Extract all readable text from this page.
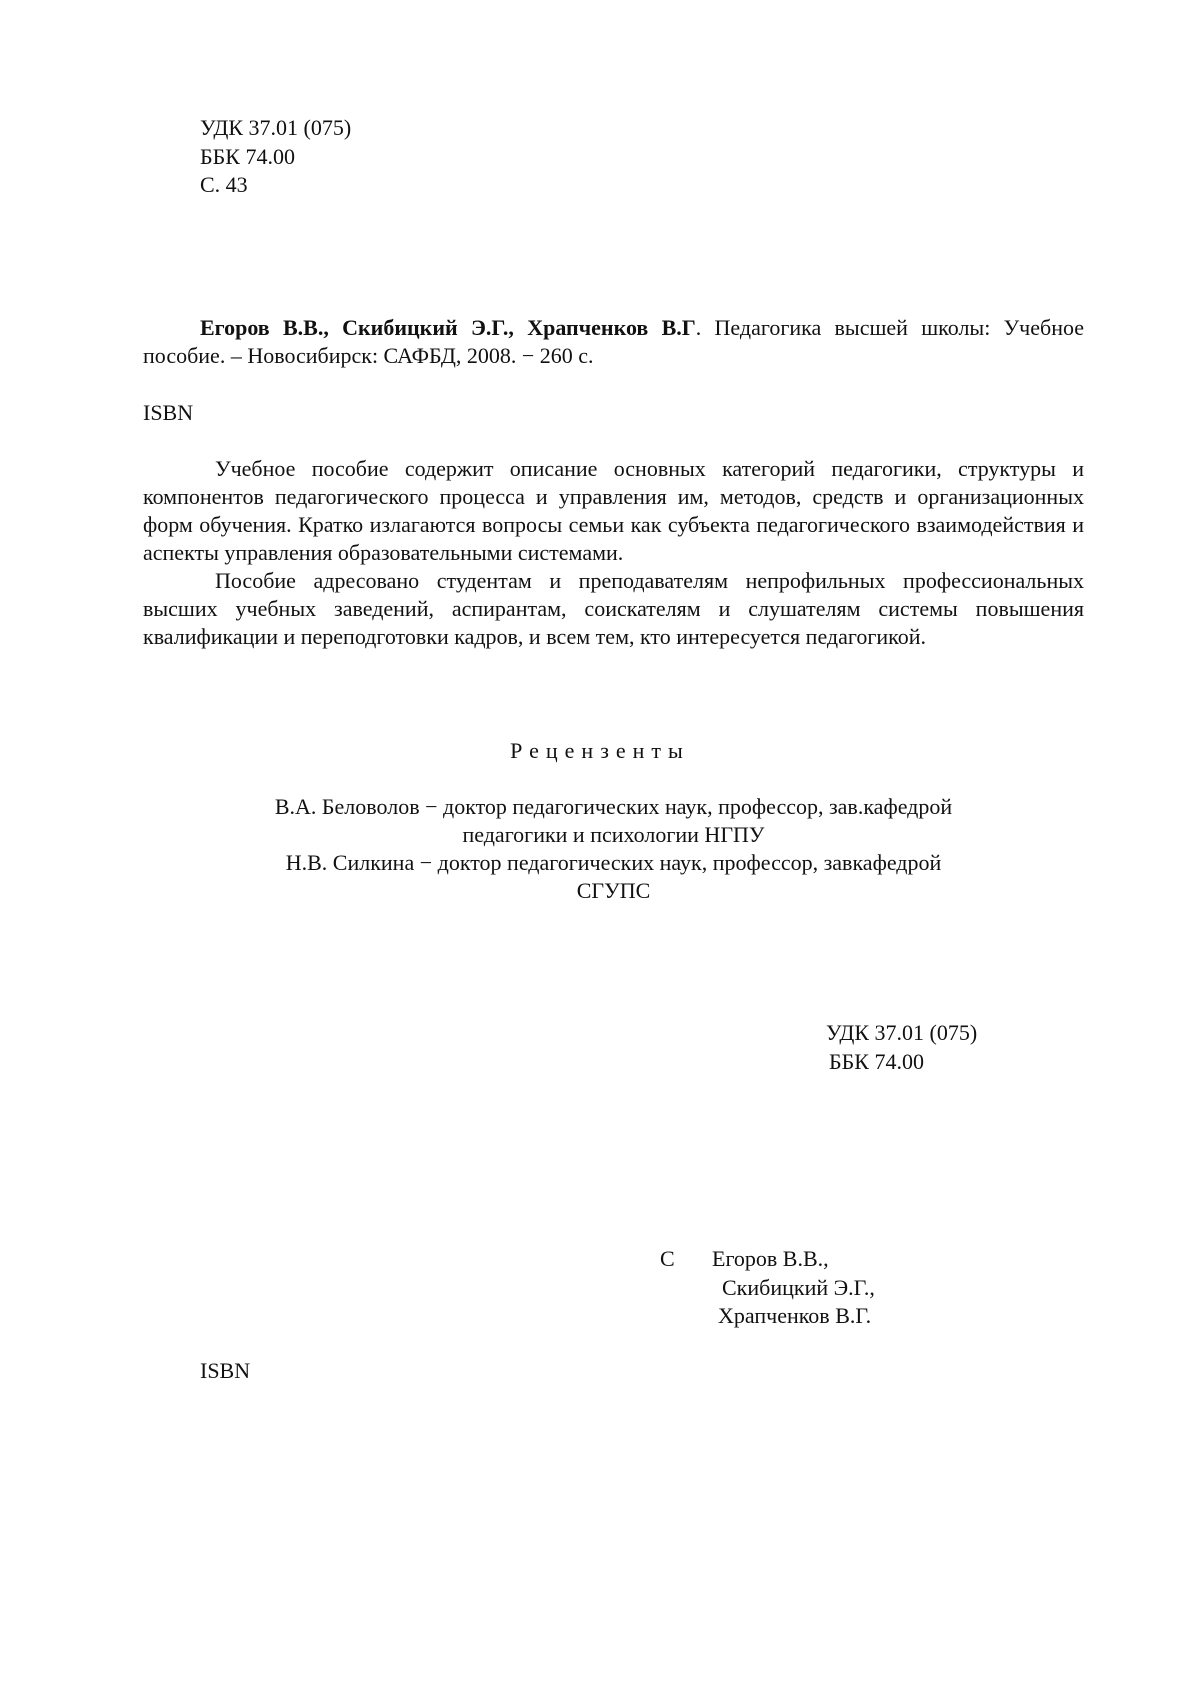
УДК 37.01 (075)
ББК 74.00
С. 43
Егоров В.В., Скибицкий Э.Г., Храпченков В.Г. Педагогика высшей школы: Учебное пособие. – Новосибирск: САФБД, 2008. − 260 с.
ISBN

Учебное пособие содержит описание основных категорий педагогики, структуры и компонентов педагогического процесса и управления им, методов, средств и организационных форм обучения. Кратко излагаются вопросы семьи как субъекта педагогического взаимодействия и аспекты управления образовательными системами.

Пособие адресовано студентам и преподавателям непрофильных профессиональных высших учебных заведений, аспирантам, соискателям и слушателям системы повышения квалификации и переподготовки кадров, и всем тем, кто интересуется педагогикой.

Рецензенты
В.А. Беловолов − доктор педагогических наук, профессор, зав.кафедрой
педагогики и психологии НГПУ
Н.В. Силкина − доктор педагогических наук, профессор, завкафедрой
СГУПС
УДК 37.01 (075)
ББК 74.00
С Егоров В.В.,
Скибицкий Э.Г.,
Храпченков В.Г.
ISBN
